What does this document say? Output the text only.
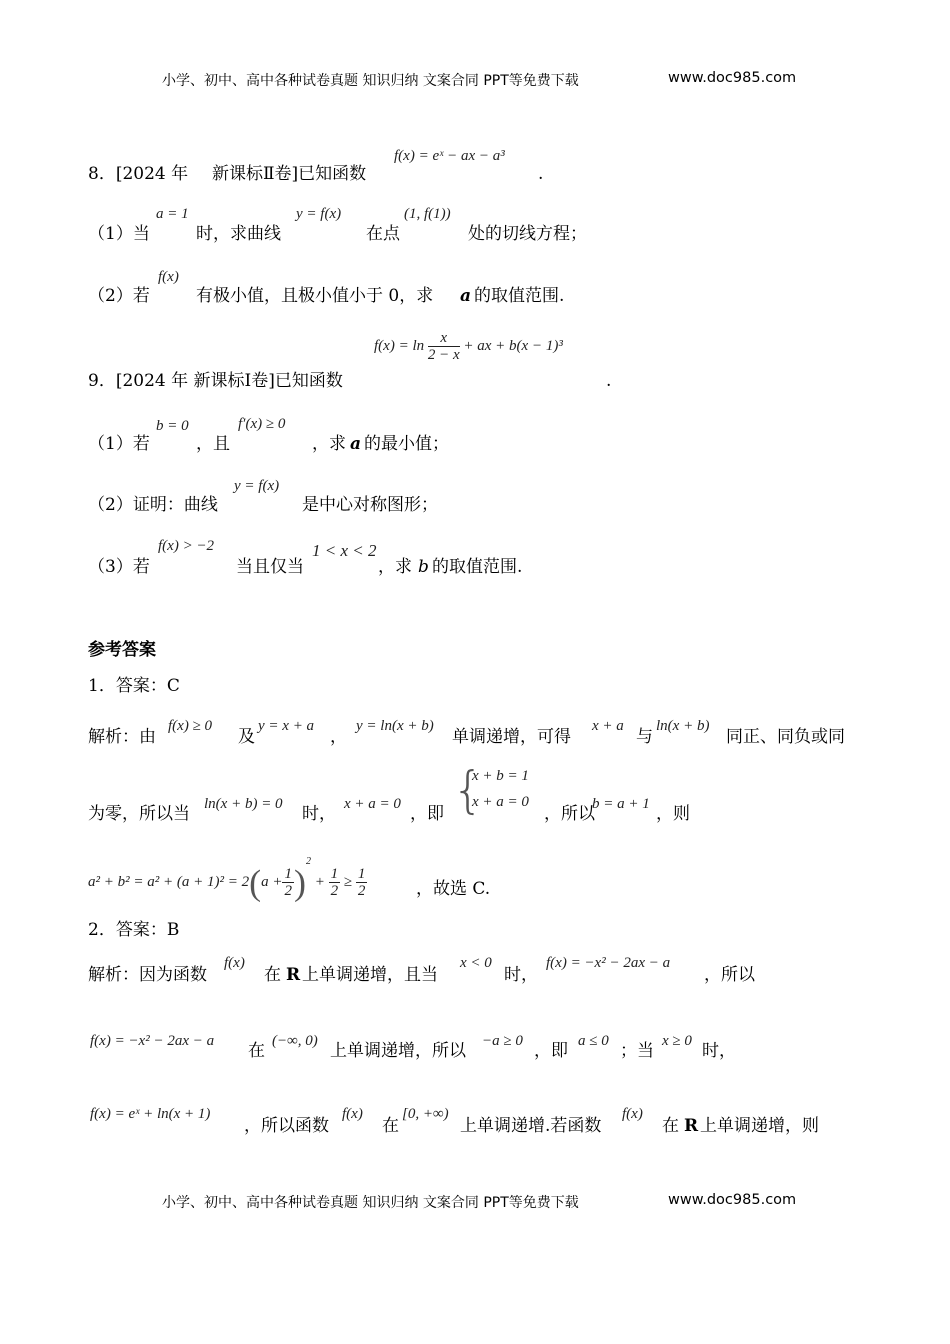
小学、初中、高中各种试卷真题 知识归纳 文案合同 PPT等免费下载	www.doc985.com
8．[2024 年 新课标Ⅱ卷]已知函数
f(x) = eˣ − ax − a³
.
（1）当
a = 1
时，求曲线
y = f(x)
在点
(1, f(1))
处的切线方程；
（2）若
f(x)
有极小值，且极小值小于 0，求 a 的取值范围.
$f(x) = \ln \frac{x}{2 - x}$ + ax + b(x − 1)³
9．[2024 年 新课标Ⅰ卷]已知函数	.
（1）若
b = 0
，且
f′(x) ≥ 0
，求 a 的最小值；
（2）证明：曲线
y = f(x)
是中心对称图形；
（3）若
f(x) > −2
当且仅当
1 < x < 2
，求 b 的取值范围.
参考答案
1．答案：C
解析：由
f(x) ≥ 0
及
y = x + a
，
y = ln(x + b)
单调递增，可得
x + a
与
ln(x + b)
同正、同负或同
为零，所以当 ln(x + b) = 0 时， x + a = 0 ，即 {
x + b = 1
x + a = 0
，所以
b = a + 1 ，则
$a^2 + b^2 = a^2 + (a + 1)^2 = 2(a + \frac{1}{2} )^2 + \frac{1}{2} \ge \frac{1}{2}$	，故选 C.
2．答案：B
解析：因为函数
f(x)
在 R 上单调递增，且当
x < 0
时，
f(x) = −x² − 2ax − a
，所以
f(x) = −x² − 2ax − a 在 (−∞, 0) 上单调递增，所以 −a ≥ 0 ，即 a ≤ 0 ；当 x ≥ 0 时，
f(x) = eˣ + ln(x + 1)
，所以函数
f(x)
在
[0, +∞)
上单调递增.若函数
f(x)
在 R 上单调递增，则
小学、初中、高中各种试卷真题 知识归纳 文案合同 PPT等免费下载	www.doc985.com
